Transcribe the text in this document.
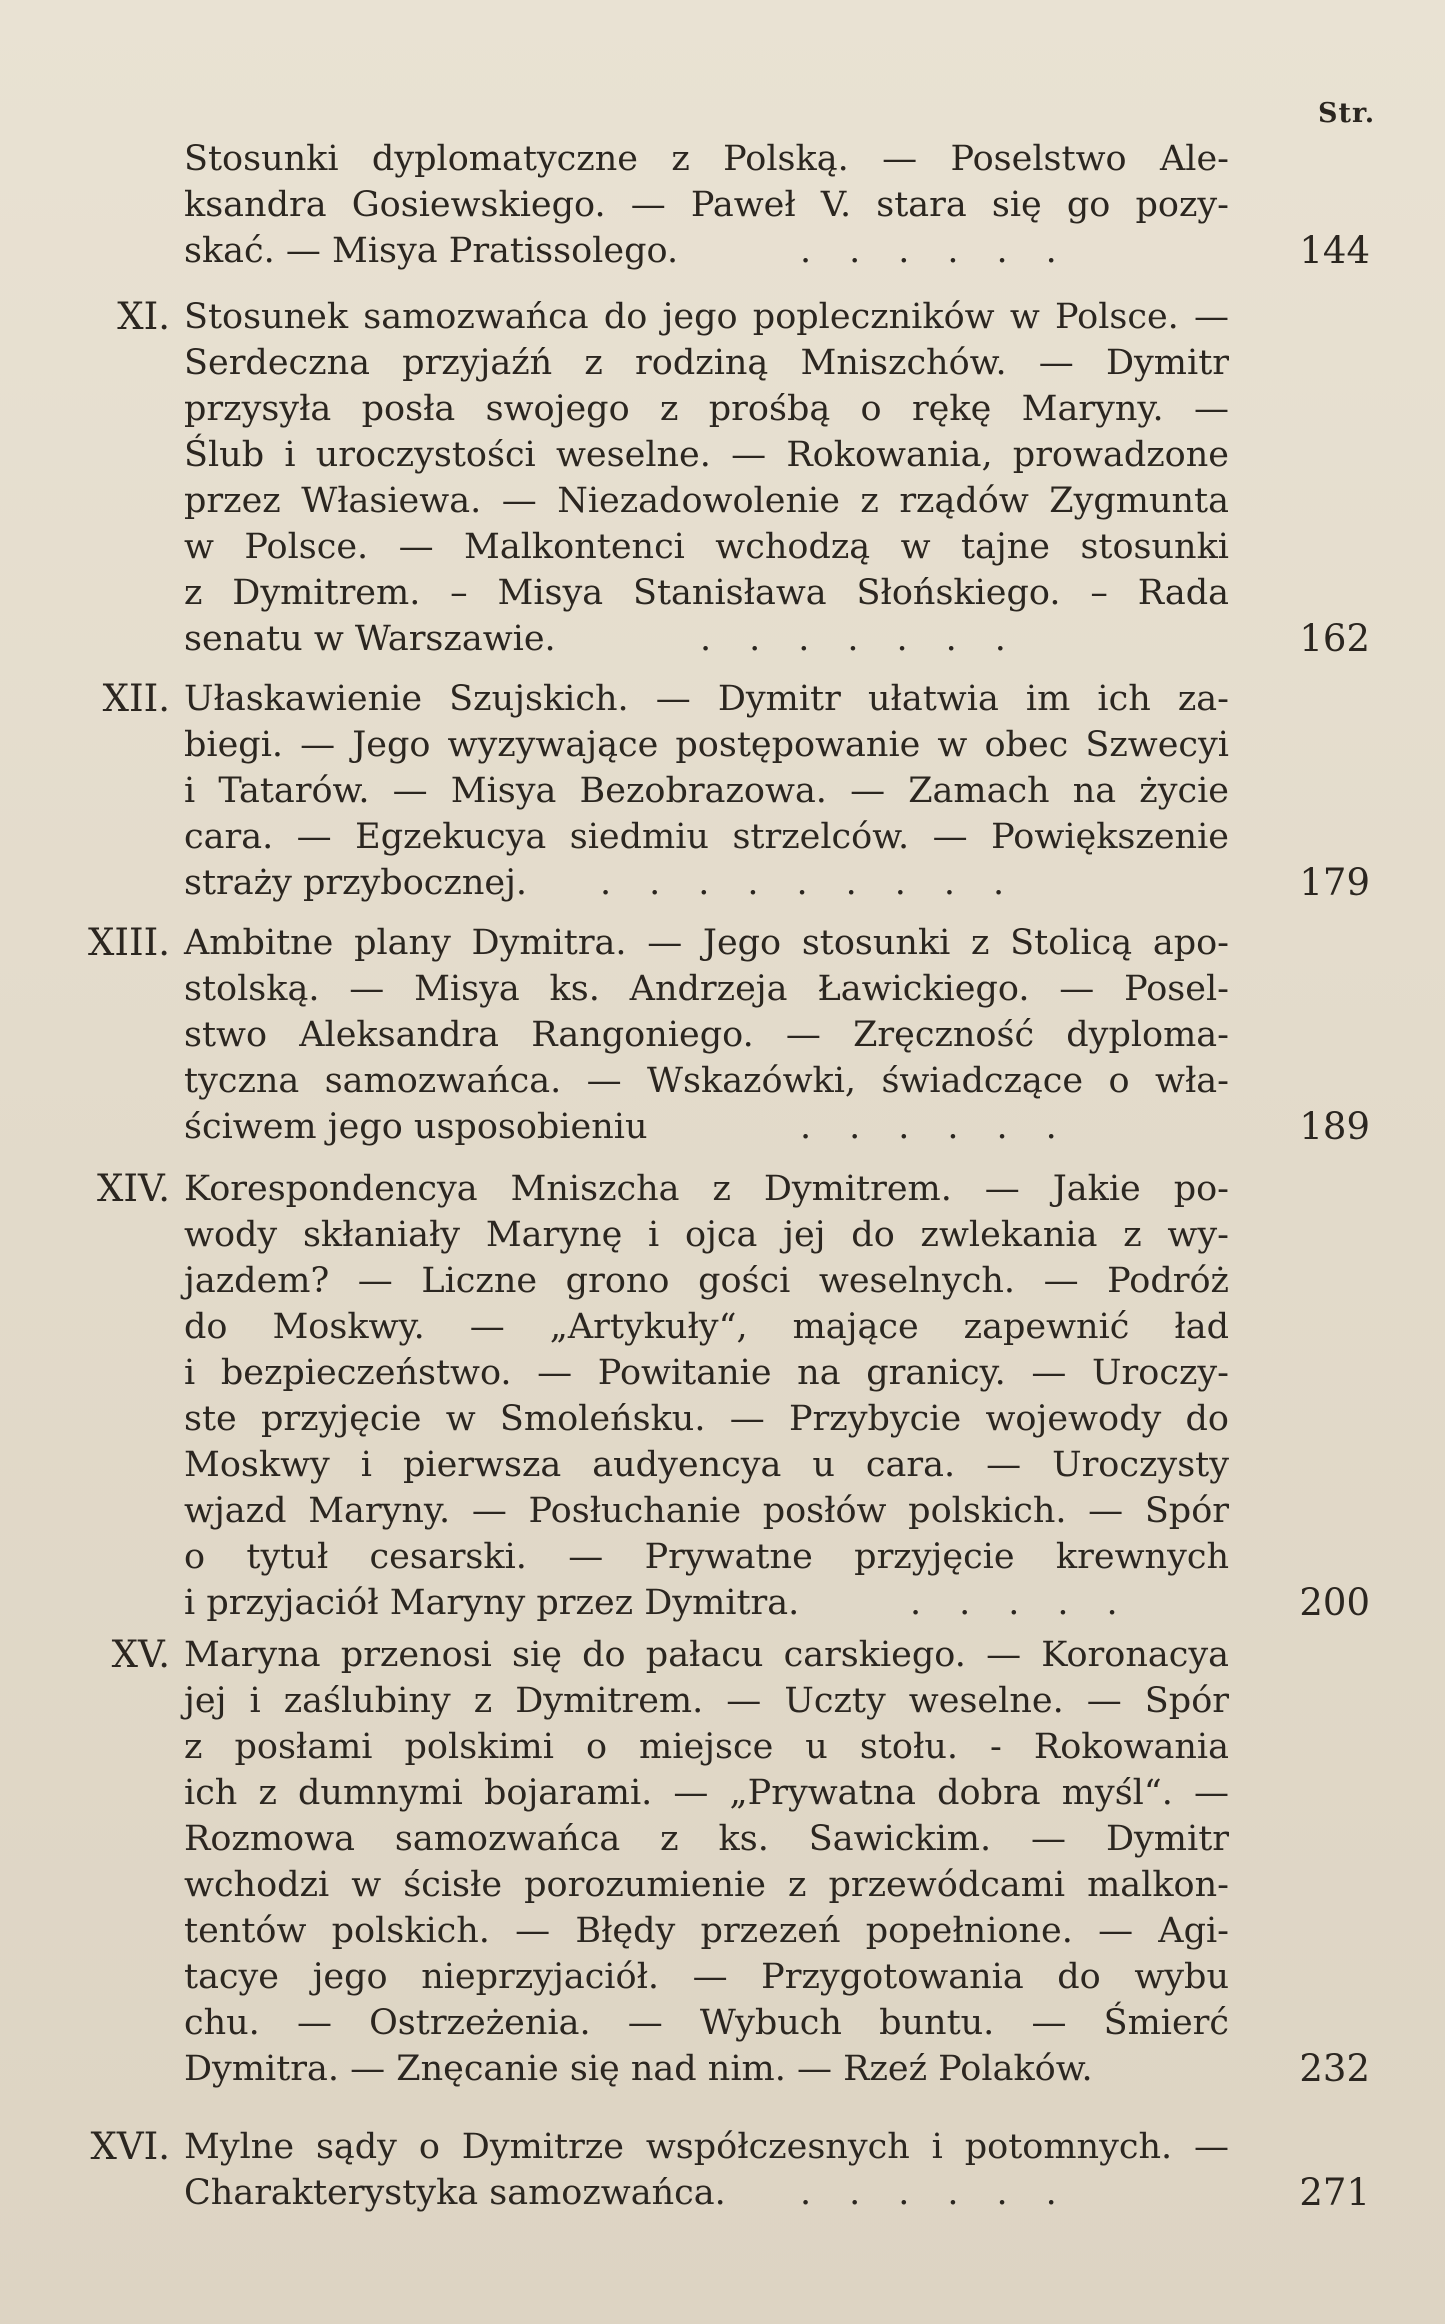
Str.
Stosunki dyplomatyczne z Polską. — Poselstwo Ale-
ksandra Gosiewskiego. — Paweł V. stara się go pozy-
skać. — Misya Pratissolego.	......	144
XI. Stosunek samozwańca do jego popleczników w Polsce. —
Serdeczna przyjaźń z rodziną Mniszchów. — Dymitr
przysyła posła swojego z prośbą o rękę Maryny. —
Ślub i uroczystości weselne. — Rokowania, prowadzone
przez Własiewa. — Niezadowolenie z rządów Zygmunta
w Polsce. — Malkontenci wchodzą w tajne stosunki
z Dymitrem. – Misya Stanisława Słońskiego. – Rada
senatu w Warszawie.	.......	162
XII. Ułaskawienie Szujskich. — Dymitr ułatwia im ich za-
biegi. — Jego wyzywające postępowanie w obec Szwecyi
i Tatarów. — Misya Bezobrazowa. — Zamach na życie
cara. — Egzekucya siedmiu strzelców. — Powiększenie
straży przybocznej. .........	179
XIII. Ambitne plany Dymitra. — Jego stosunki z Stolicą apo-
stolską. — Misya ks. Andrzeja Ławickiego. — Posel-
stwo Aleksandra Rangoniego. — Zręczność dyploma-
tyczna samozwańca. — Wskazówki, świadczące o wła-
ściwem jego usposobieniu	......	189
XIV. Korespondencya Mniszcha z Dymitrem. — Jakie po-
wody skłaniały Marynę i ojca jej do zwlekania z wy-
jazdem? — Liczne grono gości weselnych. — Podróż
do Moskwy. — „Artykuły“, mające zapewnić ład
i bezpieczeństwo. — Powitanie na granicy. — Uroczy-
ste przyjęcie w Smoleńsku. — Przybycie wojewody do
Moskwy i pierwsza audyencya u cara. — Uroczysty
wjazd Maryny. — Posłuchanie posłów polskich. — Spór
o tytuł cesarski. — Prywatne przyjęcie krewnych
i przyjaciół Maryny przez Dymitra.	.....	200
XV. Maryna przenosi się do pałacu carskiego. — Koronacya
jej i zaślubiny z Dymitrem. — Uczty weselne. — Spór
z posłami polskimi o miejsce u stołu. - Rokowania
ich z dumnymi bojarami. — „Prywatna dobra myśl“. —
Rozmowa samozwańca z ks. Sawickim. — Dymitr
wchodzi w ścisłe porozumienie z przewódcami malkon-
tentów polskich. — Błędy przezeń popełnione. — Agi-
tacye jego nieprzyjaciół. — Przygotowania do wybu
chu. — Ostrzeżenia. — Wybuch buntu. — Śmierć
Dymitra. — Znęcanie się nad nim. — Rzeź Polaków.	232
XVI. Mylne sądy o Dymitrze współczesnych i potomnych. —
Charakterystyka samozwańca. ......	271
